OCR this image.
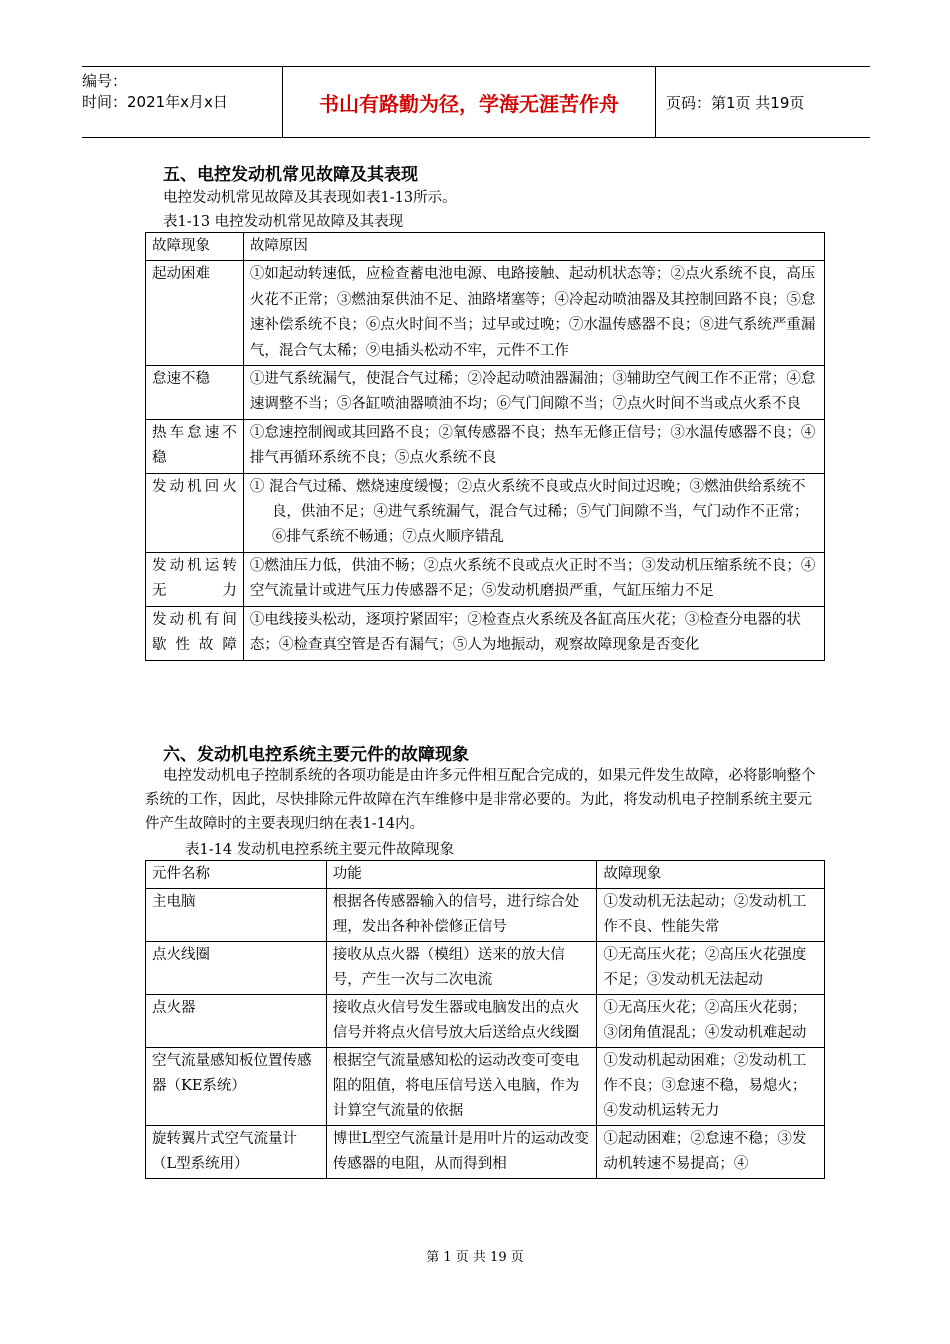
编号：
时间：2021年x月x日	书山有路勤为径，学海无涯苦作舟	页码：第1页 共19页
五、电控发动机常见故障及其表现
电控发动机常见故障及其表现如表1-13所示。
表1-13 电控发动机常见故障及其表现
故障现象	故障原因
起动困难	①如起动转速低，应检查蓄电池电源、电路接触、起动机状态等；②点火系统不良，高压火花不正常；③燃油泵供油不足、油路堵塞等；④冷起动喷油器及其控制回路不良；⑤怠速补偿系统不良；⑥点火时间不当；过早或过晚；⑦水温传感器不良；⑧进气系统严重漏气，混合气太稀；⑨电插头松动不牢，元件不工作
怠速不稳	①进气系统漏气，使混合气过稀；②冷起动喷油器漏油；③辅助空气阀工作不正常；④怠速调整不当；⑤各缸喷油器喷油不均；⑥气门间隙不当；⑦点火时间不当或点火系不良
热车怠速不稳	①怠速控制阀或其回路不良；②氧传感器不良；热车无修正信号；③水温传感器不良；④排气再循环系统不良；⑤点火系统不良
发动机回火	① 混合气过稀、燃烧速度缓慢；②点火系统不良或点火时间过迟晚；③燃油供给系统不良，供油不足；④进气系统漏气，混合气过稀；⑤气门间隙不当，气门动作不正常；⑥排气系统不畅通；⑦点火顺序错乱
发动机运转无力	①燃油压力低，供油不畅；②点火系统不良或点火正时不当；③发动机压缩系统不良；④空气流量计或进气压力传感器不足；⑤发动机磨损严重，气缸压缩力不足
发动机有间歇性故障	①电线接头松动，逐项拧紧固牢；②检查点火系统及各缸高压火花；③检查分电器的状态；④检查真空管是否有漏气；⑤人为地振动，观察故障现象是否变化
六、发动机电控系统主要元件的故障现象
电控发动机电子控制系统的各项功能是由许多元件相互配合完成的，如果元件发生故障，必将影响整个系统的工作，因此，尽快排除元件故障在汽车维修中是非常必要的。为此，将发动机电子控制系统主要元件产生故障时的主要表现归纳在表1-14内。
表1-14 发动机电控系统主要元件故障现象
元件名称	功能	故障现象
主电脑	根据各传感器输入的信号，进行综合处理，发出各种补偿修正信号	①发动机无法起动；②发动机工作不良、性能失常
点火线圈	接收从点火器（模组）送来的放大信号，产生一次与二次电流	①无高压火花；②高压火花强度不足；③发动机无法起动
点火器	接收点火信号发生器或电脑发出的点火信号并将点火信号放大后送给点火线圈	①无高压火花；②高压火花弱；③闭角值混乱；④发动机难起动
空气流量感知板位置传感器（KE系统）	根据空气流量感知松的运动改变可变电阻的阻值，将电压信号送入电脑，作为计算空气流量的依据	①发动机起动困难；②发动机工作不良；③怠速不稳，易熄火；④发动机运转无力
旋转翼片式空气流量计（L型系统用）	博世L型空气流量计是用叶片的运动改变传感器的电阻，从而得到相	①起动困难；②怠速不稳；③发动机转速不易提高；④
第 1 页 共 19 页
